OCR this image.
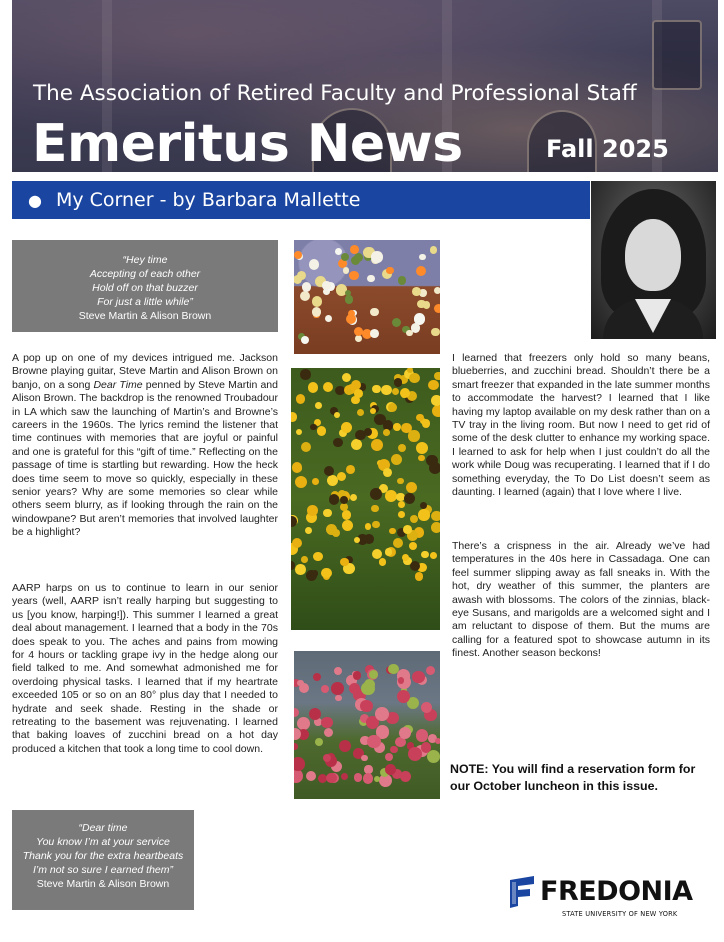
The Association of Retired Faculty and Professional Staff
Emeritus News	Fall 2025
● My Corner - by Barbara Mallette
“Hey time
Accepting of each other
Hold off on that buzzer
For just a little while”
Steve Martin & Alison Brown

A pop up on one of my devices intrigued me. Jackson Browne playing guitar, Steve Martin and Alison Brown on banjo, on a song Dear Time penned by Steve Martin and Alison Brown. The backdrop is the renowned Troubadour in LA which saw the launching of Martin’s and Browne’s careers in the 1960s. The lyrics remind the listener that time continues with memories that are joyful or painful and one is grateful for this “gift of time.” Reflecting on the passage of time is startling but rewarding. How the heck does time seem to move so quickly, especially in these senior years? Why are some memories so clear while others seem blurry, as if looking through the rain on the windowpane? But aren’t memories that involved laughter be a highlight?

AARP harps on us to continue to learn in our senior years (well, AARP isn’t really harping but suggesting to us [you know, harping!]). This summer I learned a great deal about management. I learned that a body in the 70s does speak to you. The aches and pains from mowing for 4 hours or tackling grape ivy in the hedge along our field talked to me. And somewhat admonished me for overdoing physical tasks. I learned that if my heartrate exceeded 105 or so on an 80° plus day that I needed to hydrate and seek shade. Resting in the shade or retreating to the basement was rejuvenating. I learned that baking loaves of zucchini bread on a hot day produced a kitchen that took a long time to cool down.

“Dear time
You know I’m at your service
Thank you for the extra heartbeats
I’m not so sure I earned them”
Steve Martin & Alison Brown

I learned that freezers only hold so many beans, blueberries, and zucchini bread. Shouldn’t there be a smart freezer that expanded in the late summer months to accommodate the harvest? I learned that I like having my laptop available on my desk rather than on a TV tray in the living room. But now I need to get rid of some of the desk clutter to enhance my working space. I learned to ask for help when I just couldn’t do all the work while Doug was recuperating. I learned that if I do something everyday, the To Do List doesn’t seem as daunting. I learned (again) that I love where I live.

There’s a crispness in the air. Already we’ve had temperatures in the 40s here in Cassadaga. One can feel summer slipping away as fall sneaks in. With the hot, dry weather of this summer, the planters are awash with blossoms. The colors of the zinnias, black-eye Susans, and marigolds are a welcomed sight and I am reluctant to dispose of them. But the mums are calling for a featured spot to showcase autumn in its finest. Another season beckons!

NOTE: You will find a reservation form for our October luncheon in this issue.
FREDONIA
STATE UNIVERSITY OF NEW YORK
